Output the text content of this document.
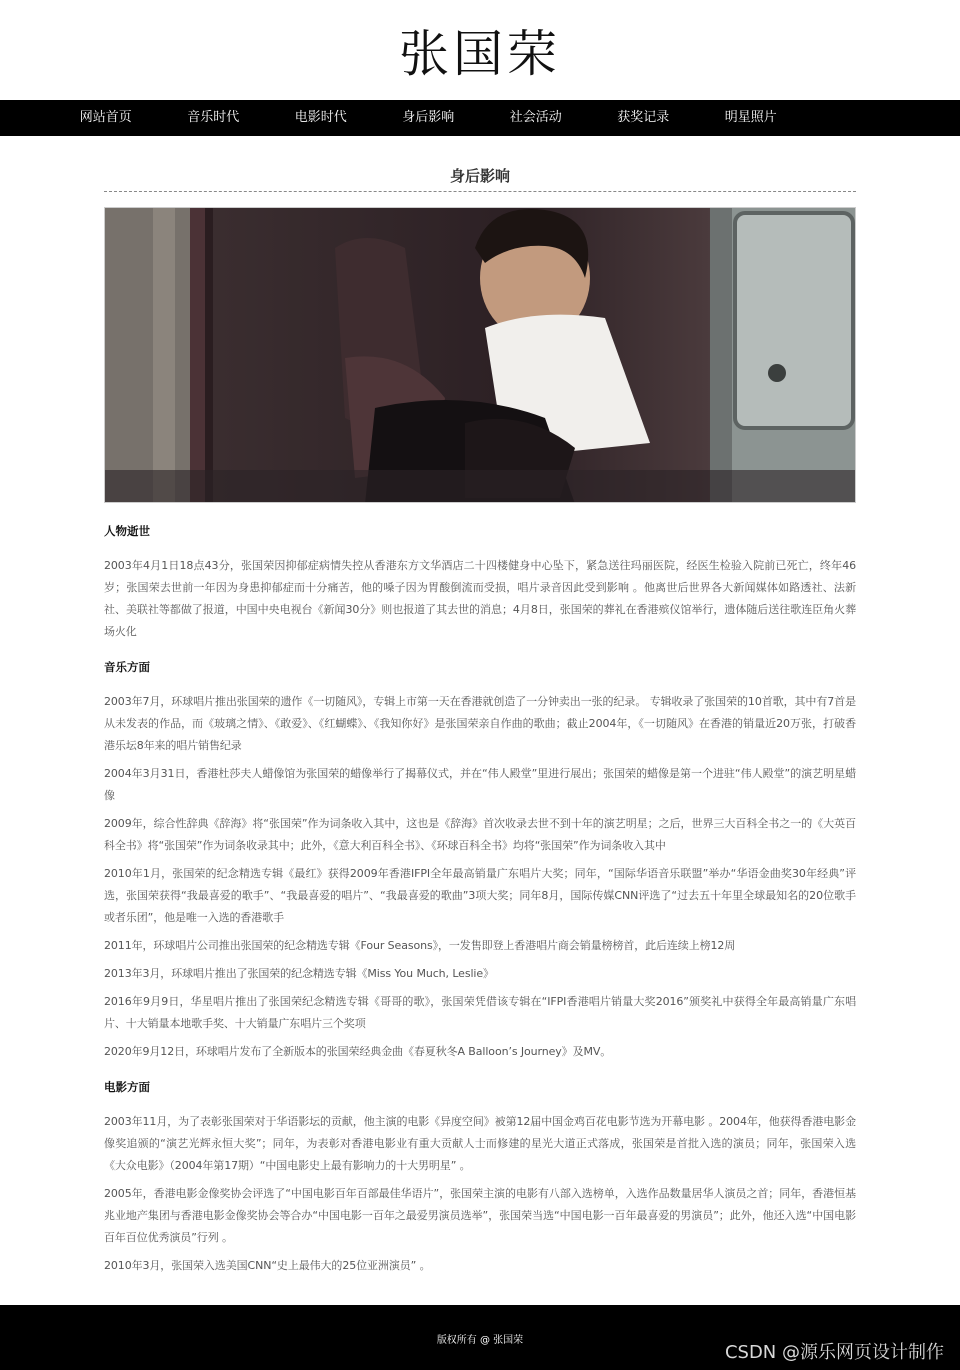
张国荣
网站首页	音乐时代	电影时代	身后影响	社会活动	获奖记录	明星照片
身后影响
人物逝世

2003年4月1日18点43分，张国荣因抑郁症病情失控从香港东方文华酒店二十四楼健身中心坠下，紧急送往玛丽医院，经医生检验入院前已死亡，终年46岁；张国荣去世前一年因为身患抑郁症而十分痛苦，他的嗓子因为胃酸倒流而受损，唱片录音因此受到影响 。他离世后世界各大新闻媒体如路透社、法新社、美联社等都做了报道，中国中央电视台《新闻30分》则也报道了其去世的消息；4月8日，张国荣的葬礼在香港殡仪馆举行，遗体随后送往歌连臣角火葬场火化

音乐方面

2003年7月，环球唱片推出张国荣的遗作《一切随风》，专辑上市第一天在香港就创造了一分钟卖出一张的纪录。 专辑收录了张国荣的10首歌，其中有7首是从未发表的作品，而《玻璃之情》、《敢爱》、《红蝴蝶》、《我知你好》是张国荣亲自作曲的歌曲；截止2004年，《一切随风》在香港的销量近20万张，打破香港乐坛8年来的唱片销售纪录

2004年3月31日，香港杜莎夫人蜡像馆为张国荣的蜡像举行了揭幕仪式，并在“伟人殿堂”里进行展出；张国荣的蜡像是第一个进驻“伟人殿堂”的演艺明星蜡像

2009年，综合性辞典《辞海》将“张国荣”作为词条收入其中，这也是《辞海》首次收录去世不到十年的演艺明星；之后，世界三大百科全书之一的《大英百科全书》将“张国荣”作为词条收录其中；此外，《意大利百科全书》、《环球百科全书》均将“张国荣”作为词条收入其中

2010年1月，张国荣的纪念精选专辑《最红》获得2009年香港IFPI全年最高销量广东唱片大奖；同年，“国际华语音乐联盟”举办“华语金曲奖30年经典”评选，张国荣获得“我最喜爱的歌手”、“我最喜爱的唱片”、“我最喜爱的歌曲”3项大奖；同年8月，国际传媒CNN评选了“过去五十年里全球最知名的20位歌手或者乐团”，他是唯一入选的香港歌手

2011年，环球唱片公司推出张国荣的纪念精选专辑《Four Seasons》，一发售即登上香港唱片商会销量榜榜首，此后连续上榜12周

2013年3月，环球唱片推出了张国荣的纪念精选专辑《Miss You Much, Leslie》

2016年9月9日，华星唱片推出了张国荣纪念精选专辑《哥哥的歌》，张国荣凭借该专辑在“IFPI香港唱片销量大奖2016”颁奖礼中获得全年最高销量广东唱片、十大销量本地歌手奖、十大销量广东唱片三个奖项

2020年9月12日，环球唱片发布了全新版本的张国荣经典金曲《春夏秋冬A Balloon’s Journey》及MV。

电影方面

2003年11月，为了表彰张国荣对于华语影坛的贡献，他主演的电影《异度空间》被第12届中国金鸡百花电影节选为开幕电影 。2004年，他获得香港电影金像奖追颁的“演艺光辉永恒大奖”；同年，为表彰对香港电影业有重大贡献人士而修建的星光大道正式落成，张国荣是首批入选的演员；同年，张国荣入选《大众电影》（2004年第17期）“中国电影史上最有影响力的十大男明星” 。

2005年，香港电影金像奖协会评选了“中国电影百年百部最佳华语片”，张国荣主演的电影有八部入选榜单，入选作品数量居华人演员之首；同年，香港恒基兆业地产集团与香港电影金像奖协会等合办“中国电影一百年之最爱男演员选举”，张国荣当选“中国电影一百年最喜爱的男演员”；此外，他还入选“中国电影百年百位优秀演员”行列 。

2010年3月，张国荣入选美国CNN“史上最伟大的25位亚洲演员” 。

版权所有 @ 张国荣
CSDN @源乐网页设计制作
